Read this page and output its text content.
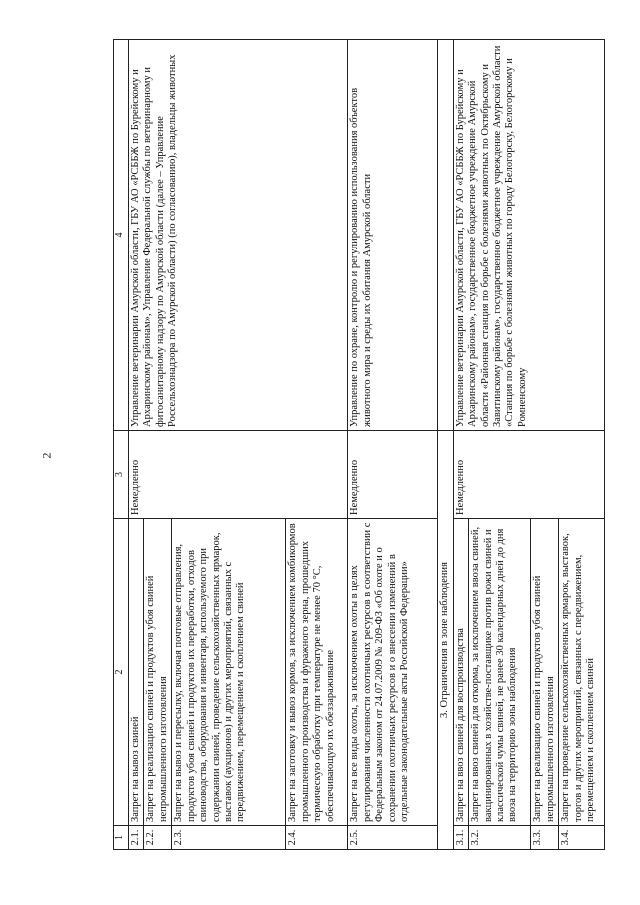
2
1	2	3	4
2.1.	Запрет на вывоз свиней	Немедленно	Управление ветеринарии Амурской области, ГБУ АО «РСББЖ по Бурейскому и Архаринскому районам», Управление Федеральной службы по ветеринарному и фитосанитарному надзору по Амурской области (далее – Управление Россельхознадзора по Амурской области) (по согласованию), владельцы животных
2.2.	Запрет на реализацию свиней и продуктов убоя свиней непромышленного изготовления		
2.3.	Запрет на вывоз и пересылку, включая почтовые отправления, продуктов убоя свиней и продуктов их переработки, отходов свиноводства, оборудования и инвентаря, используемого при содержании свиней, проведение сельскохозяйственных ярмарок, выставок (аукционов) и других мероприятий, связанных с передвижением, перемещением и скоплением свиней		
2.4.	Запрет на заготовку и вывоз кормов, за исключением комбикормов промышленного производства и фуражного зерна, прошедших термическую обработку при температуре не менее 70 °С, обеспечивающую их обеззараживание		
2.5.	Запрет на все виды охоты, за исключением охоты в целях регулирования численности охотничьих ресурсов в соответствии с Федеральным законом от 24.07.2009 № 209-ФЗ «Об охоте и о сохранении охотничьих ресурсов и о внесении изменений в отдельные законодательные акты Российской Федерации»	Немедленно	Управление по охране, контролю и регулированию использования объектов животного мира и среды их обитания Амурской области
3. Ограничения в зоне наблюдения			
3.1.	Запрет на ввоз свиней для воспроизводства	Немедленно	Управление ветеринарии Амурской области, ГБУ АО «РСББЖ по Бурейскому и Архаринскому районам», государственное бюджетное учреждение Амурской области «Районная станция по борьбе с болезнями животных по Октябрьскому и Завитинскому районам», государственное бюджетное учреждение Амурской области «Станция по борьбе с болезнями животных по городу Белогорску, Белогорскому и Ромненскому
3.2.	Запрет на ввоз свиней для откорма, за исключением ввоза свиней, вакцинированных в хозяйстве-поставщике против рожи свиней и классической чумы свиней, не ранее 30 календарных дней до дня ввоза на территорию зоны наблюдения		
3.3.	Запрет на реализацию свиней и продуктов убоя свиней непромышленного изготовления		
3.4.	Запрет на проведение сельскохозяйственных ярмарок, выставок, торгов и других мероприятий, связанных с передвижением, перемещением и скоплением свиней		
